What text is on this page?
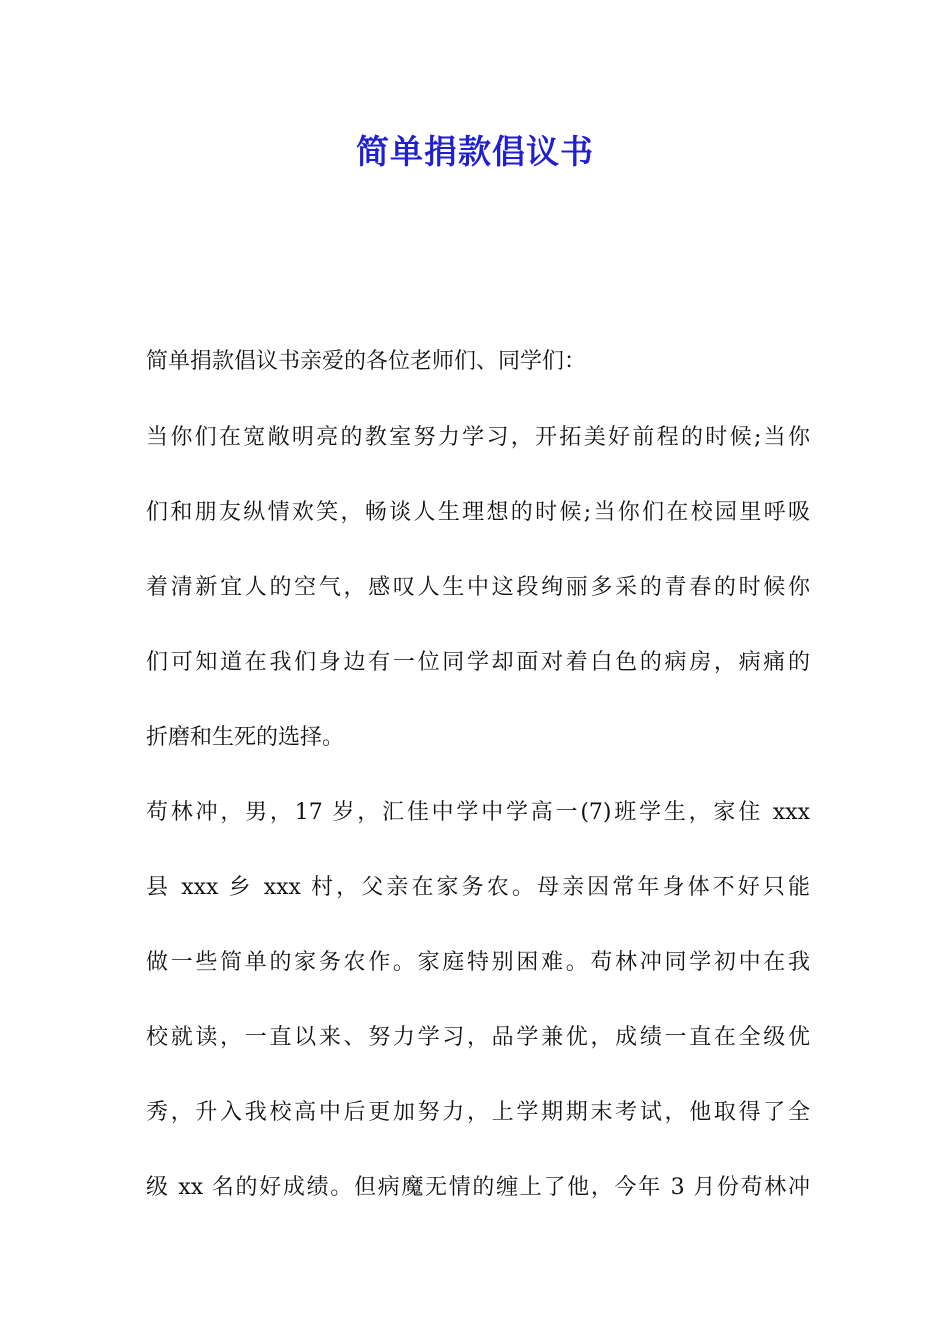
简单捐款倡议书
简单捐款倡议书亲爱的各位老师们、同学们：
当你们在宽敞明亮的教室努力学习，开拓美好前程的时候;当你
们和朋友纵情欢笑，畅谈人生理想的时候;当你们在校园里呼吸
着清新宜人的空气，感叹人生中这段绚丽多采的青春的时候你
们可知道在我们身边有一位同学却面对着白色的病房，病痛的
折磨和生死的选择。
苟林冲，男，17 岁，汇佳中学中学高一(7)班学生，家住 xxx
县 xxx 乡 xxx 村，父亲在家务农。母亲因常年身体不好只能
做一些简单的家务农作。家庭特别困难。苟林冲同学初中在我
校就读，一直以来、努力学习，品学兼优，成绩一直在全级优
秀，升入我校高中后更加努力，上学期期末考试，他取得了全
级 xx 名的好成绩。但病魔无情的缠上了他，今年 3 月份苟林冲
